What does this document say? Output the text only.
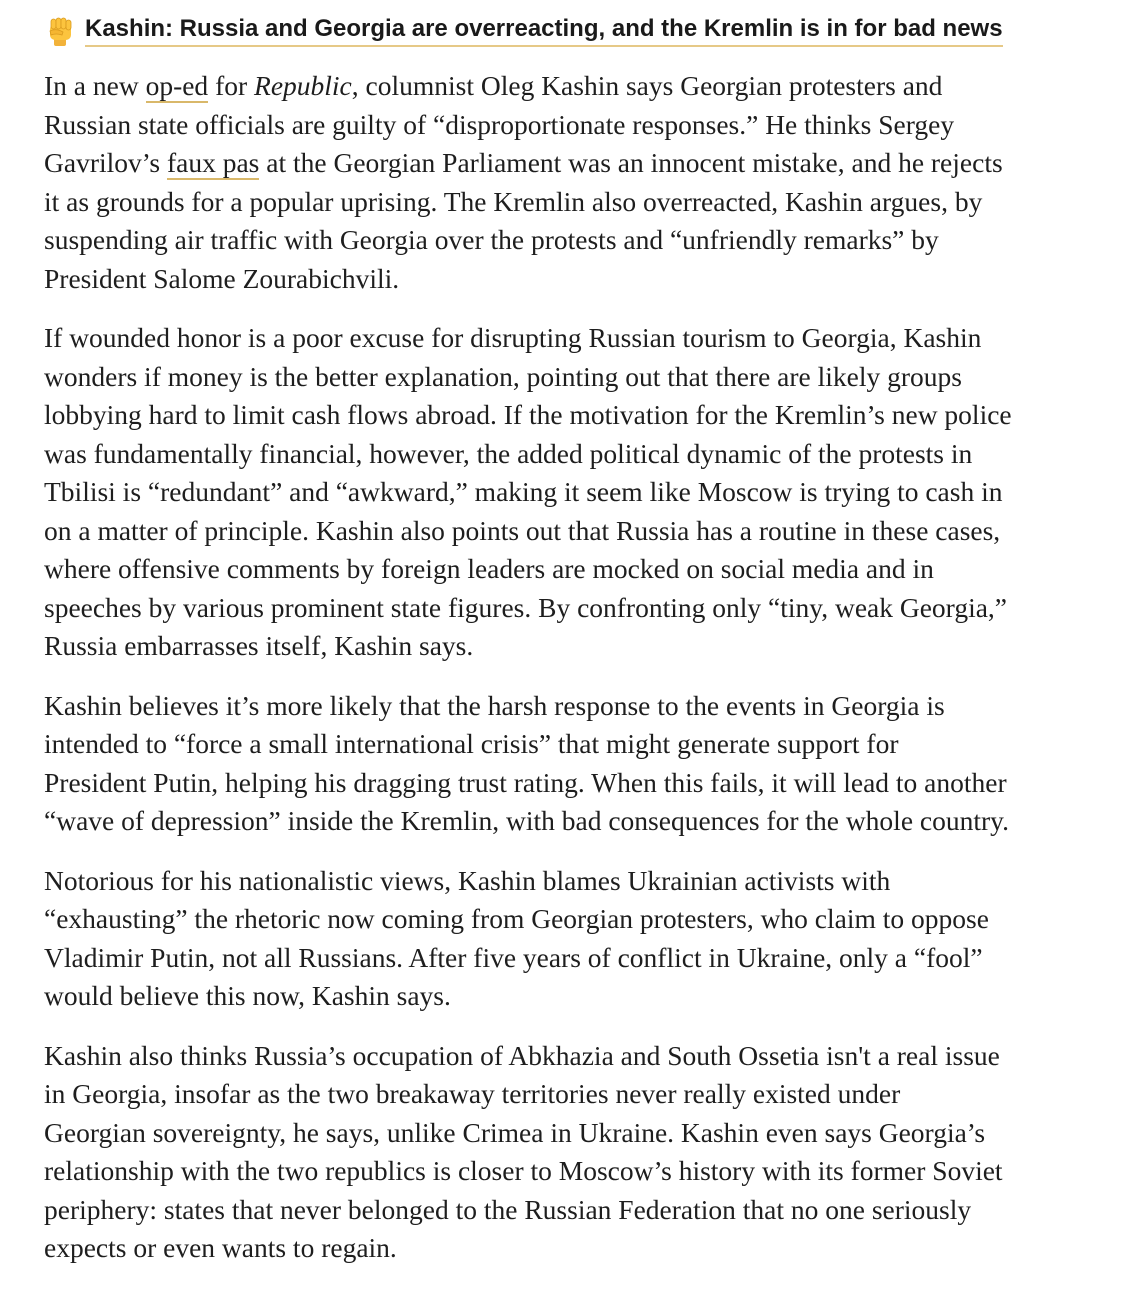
Kashin: Russia and Georgia are overreacting, and the Kremlin is in for bad news
In a new op-ed for Republic, columnist Oleg Kashin says Georgian protesters and
Russian state officials are guilty of “disproportionate responses.” He thinks Sergey
Gavrilov’s faux pas at the Georgian Parliament was an innocent mistake, and he rejects
it as grounds for a popular uprising. The Kremlin also overreacted, Kashin argues, by
suspending air traffic with Georgia over the protests and “unfriendly remarks” by
President Salome Zourabichvili.
If wounded honor is a poor excuse for disrupting Russian tourism to Georgia, Kashin
wonders if money is the better explanation, pointing out that there are likely groups
lobbying hard to limit cash flows abroad. If the motivation for the Kremlin’s new police
was fundamentally financial, however, the added political dynamic of the protests in
Tbilisi is “redundant” and “awkward,” making it seem like Moscow is trying to cash in
on a matter of principle. Kashin also points out that Russia has a routine in these cases,
where offensive comments by foreign leaders are mocked on social media and in
speeches by various prominent state figures. By confronting only “tiny, weak Georgia,”
Russia embarrasses itself, Kashin says.
Kashin believes it’s more likely that the harsh response to the events in Georgia is
intended to “force a small international crisis” that might generate support for
President Putin, helping his dragging trust rating. When this fails, it will lead to another
“wave of depression” inside the Kremlin, with bad consequences for the whole country.
Notorious for his nationalistic views, Kashin blames Ukrainian activists with
“exhausting” the rhetoric now coming from Georgian protesters, who claim to oppose
Vladimir Putin, not all Russians. After five years of conflict in Ukraine, only a “fool”
would believe this now, Kashin says.
Kashin also thinks Russia’s occupation of Abkhazia and South Ossetia isn't a real issue
in Georgia, insofar as the two breakaway territories never really existed under
Georgian sovereignty, he says, unlike Crimea in Ukraine. Kashin even says Georgia’s
relationship with the two republics is closer to Moscow’s history with its former Soviet
periphery: states that never belonged to the Russian Federation that no one seriously
expects or even wants to regain.
